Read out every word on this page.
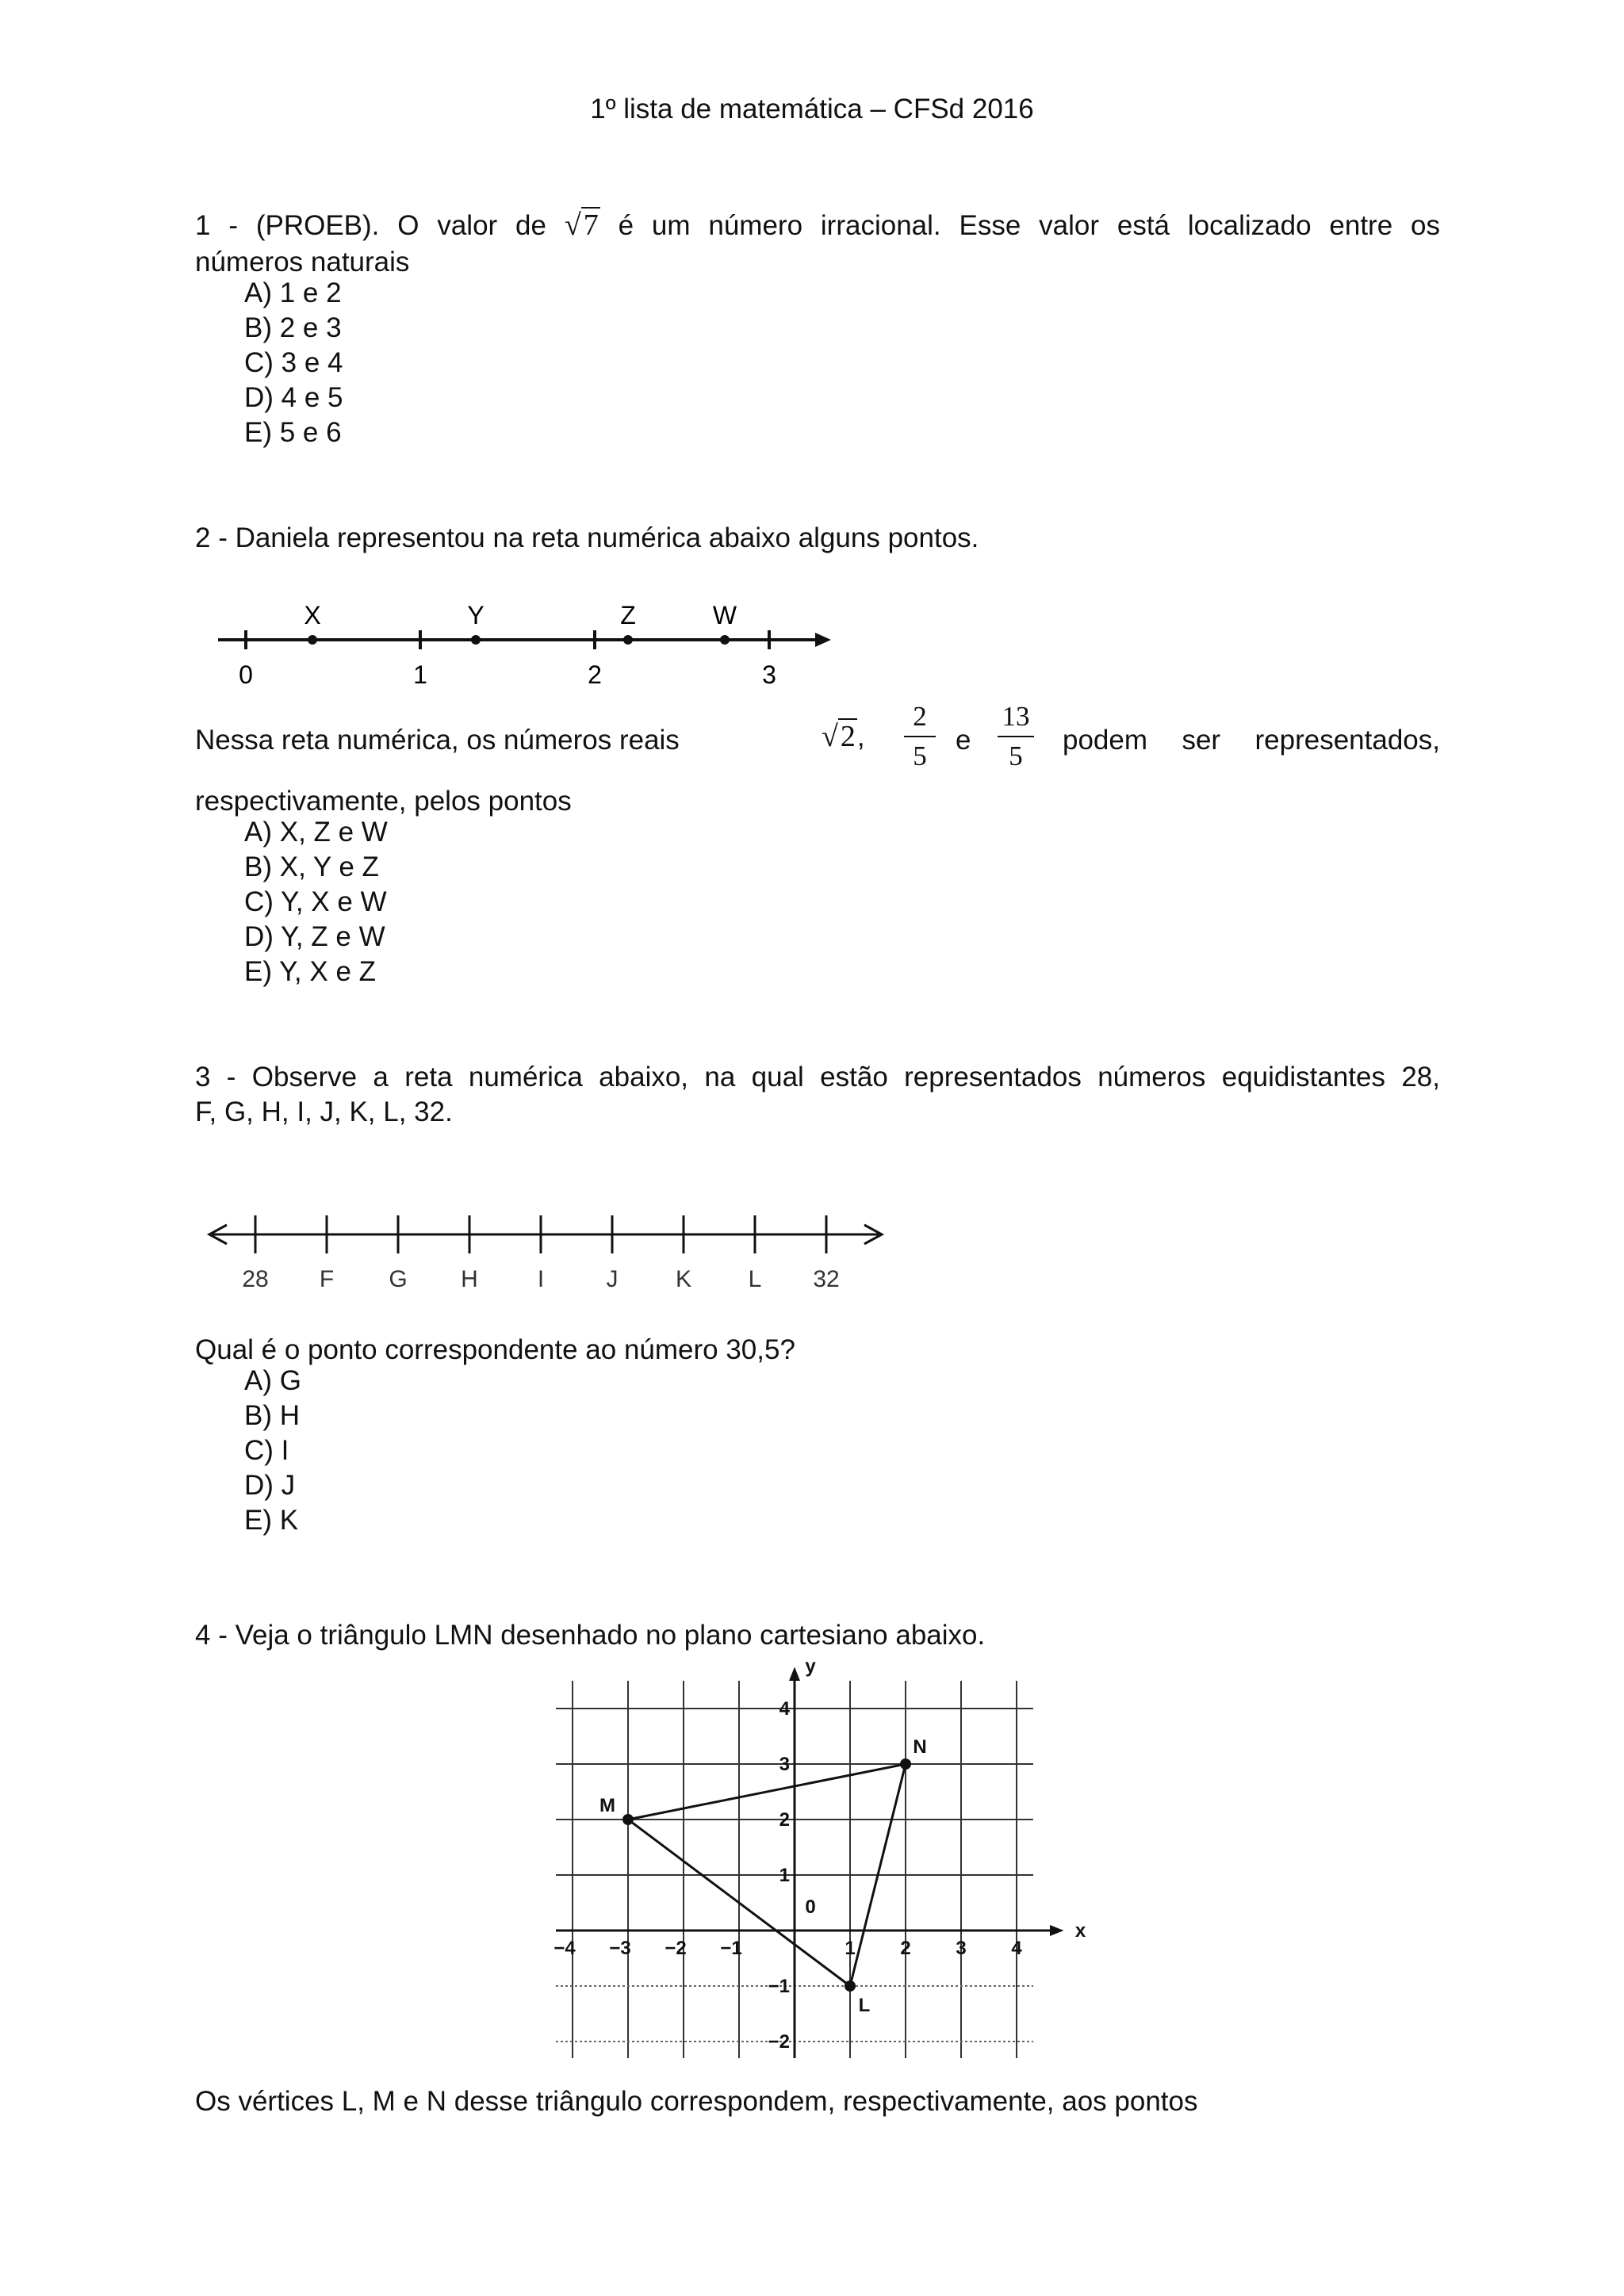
1º lista de matemática – CFSd 2016
1 - (PROEB). O valor de √7 é um número irracional. Esse valor está localizado entre os
números naturais
A) 1 e 2
B) 2 e 3
C) 3 e 4
D) 4 e 5
E) 5 e 6
2 - Daniela representou na reta numérica abaixo alguns pontos.
0	1	2	3
X	Y	Z	W
Nessa reta numérica, os números reais	√2,
2
5
e
13
5
podem ser representados,
respectivamente, pelos pontos
A) X, Z e W
B) X, Y e Z
C) Y, X e W
D) Y, Z e W
E) Y, X e Z
3 - Observe a reta numérica abaixo, na qual estão representados números equidistantes 28,
F, G, H, I, J, K, L, 32.
28 F G H I	J K L 32
Qual é o ponto correspondente ao número 30,5?
A) G
B) H
C) I
D) J
E) K
4 - Veja o triângulo LMN desenhado no plano cartesiano abaixo.
x
y
0
−4 −3 −2 −1	1 2 3 4
4
3
2
1
−1
−2
L
M
N
Os vértices L, M e N desse triângulo correspondem, respectivamente, aos pontos
